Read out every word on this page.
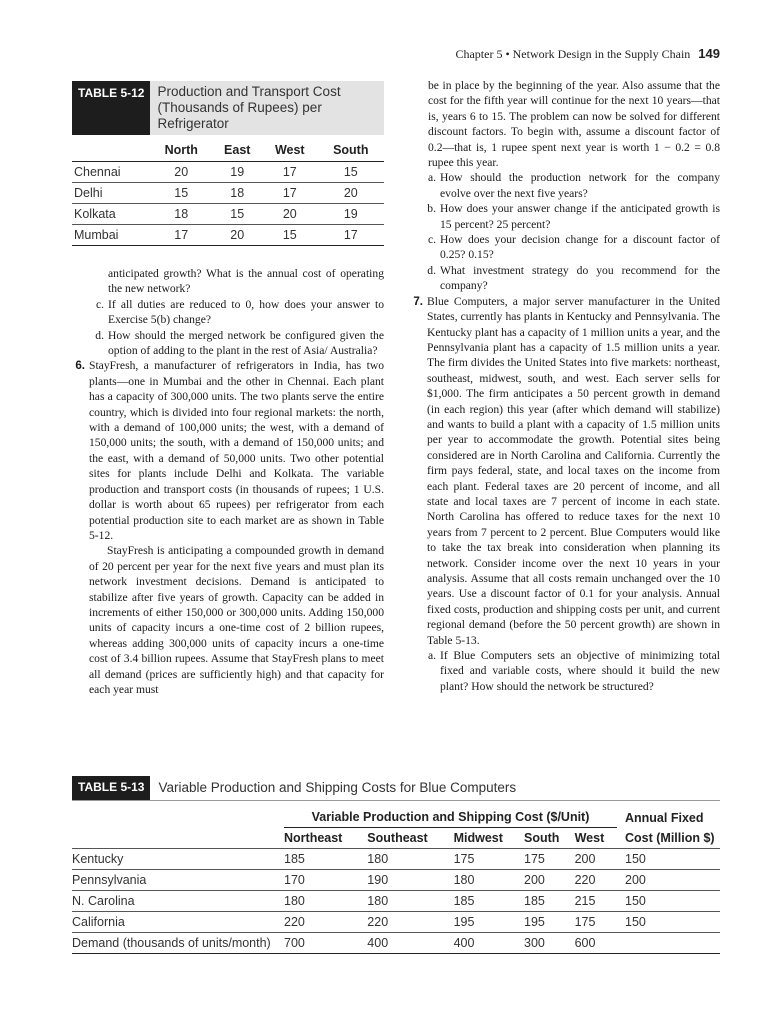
Chapter 5 • Network Design in the Supply Chain 149
TABLE 5-12 Production and Transport Cost (Thousands of Rupees) per Refrigerator
	North	East	West	South
Chennai	20	19	17	15
Delhi	15	18	17	20
Kolkata	18	15	20	19
Mumbai	17	20	15	17

anticipated growth? What is the annual cost of operating the new network?

c. If all duties are reduced to 0, how does your answer to Exercise 5(b) change?
d. How should the merged network be configured given the option of adding to the plant in the rest of Asia/ Australia?
6. StayFresh, a manufacturer of refrigerators in India, has two plants—one in Mumbai and the other in Chennai. Each plant has a capacity of 300,000 units. The two plants serve the entire country, which is divided into four regional markets: the north, with a demand of 100,000 units; the west, with a demand of 150,000 units; the south, with a demand of 150,000 units; and the east, with a demand of 50,000 units. Two other potential sites for plants include Delhi and Kolkata. The variable production and transport costs (in thousands of rupees; 1 U.S. dollar is worth about 65 rupees) per refrigerator from each potential production site to each market are as shown in Table 5-12.
StayFresh is anticipating a compounded growth in demand of 20 percent per year for the next five years and must plan its network investment decisions. Demand is anticipated to stabilize after five years of growth. Capacity can be added in increments of either 150,000 or 300,000 units. Adding 150,000 units of capacity incurs a one-time cost of 2 billion rupees, whereas adding 300,000 units of capacity incurs a one-time cost of 3.4 billion rupees. Assume that StayFresh plans to meet all demand (prices are sufficiently high) and that capacity for each year must

be in place by the beginning of the year. Also assume that the cost for the fifth year will continue for the next 10 years—that is, years 6 to 15. The problem can now be solved for different discount factors. To begin with, assume a discount factor of 0.2—that is, 1 rupee spent next year is worth 1 − 0.2 = 0.8 rupee this year.

a. How should the production network for the company evolve over the next five years?
b. How does your answer change if the anticipated growth is 15 percent? 25 percent?
c. How does your decision change for a discount factor of 0.25? 0.15?
d. What investment strategy do you recommend for the company?
7. Blue Computers, a major server manufacturer in the United States, currently has plants in Kentucky and Pennsylvania. The Kentucky plant has a capacity of 1 million units a year, and the Pennsylvania plant has a capacity of 1.5 million units a year. The firm divides the United States into five markets: northeast, southeast, midwest, south, and west. Each server sells for $1,000. The firm anticipates a 50 percent growth in demand (in each region) this year (after which demand will stabilize) and wants to build a plant with a capacity of 1.5 million units per year to accommodate the growth. Potential sites being considered are in North Carolina and California. Currently the firm pays federal, state, and local taxes on the income from each plant. Federal taxes are 20 percent of income, and all state and local taxes are 7 percent of income in each state. North Carolina has offered to reduce taxes for the next 10 years from 7 percent to 2 percent. Blue Computers would like to take the tax break into consideration when planning its network. Consider income over the next 10 years in your analysis. Assume that all costs remain unchanged over the 10 years. Use a discount factor of 0.1 for your analysis. Annual fixed costs, production and shipping costs per unit, and current regional demand (before the 50 percent growth) are shown in Table 5-13.
a. If Blue Computers sets an objective of minimizing total fixed and variable costs, where should it build the new plant? How should the network be structured?
TABLE 5-13	Variable Production and Shipping Costs for Blue Computers
	Variable Production and Shipping Cost ($/Unit)						Annual Fixed
	Northeast	Southeast	Midwest	South	West		Cost (Million $)
Kentucky	185	180	175	175	200		150
Pennsylvania	170	190	180	200	220		200
N. Carolina	180	180	185	185	215		150
California	220	220	195	195	175		150
Demand (thousands of units/month)	700	400	400	300	600		
